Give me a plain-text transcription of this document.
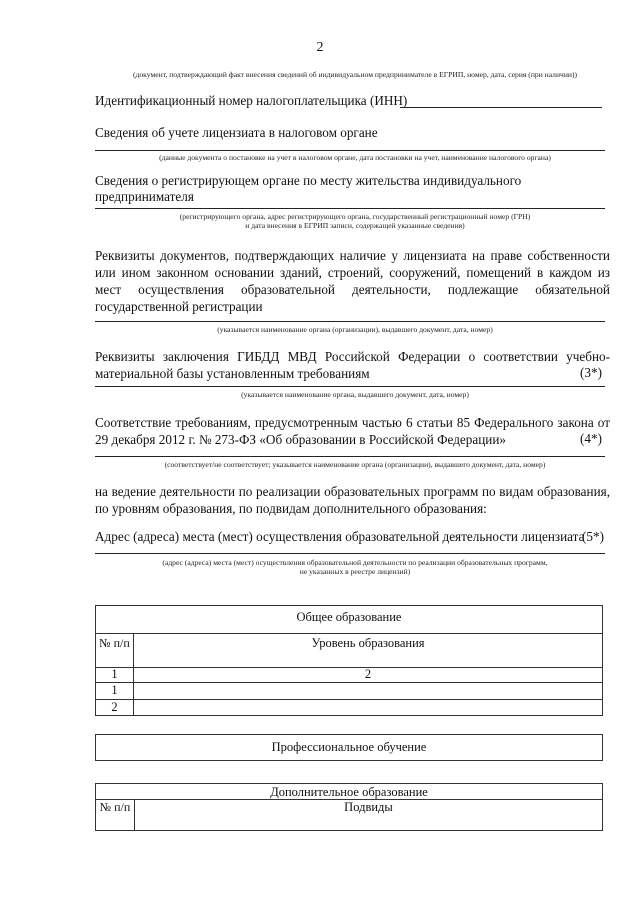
2
(документ, подтверждающий факт внесения сведений об индивидуальном предпринимателе в ЕГРИП, номер, дата, серия (при наличии))
Идентификационный номер налогоплательщика (ИНН)
Сведения об учете лицензиата в налоговом органе
(данные документа о постановке на учет в налоговом органе, дата постановки на учет, наименование налогового органа)
Сведения о регистрирующем органе по месту жительства индивидуального
предпринимателя
(регистрирующего органа, адрес регистрирующего органа, государственный регистрационный номер (ГРН)
и дата внесения в ЕГРИП записи, содержащей указанные сведения)
Реквизиты документов, подтверждающих наличие у лицензиата на праве собственности или ином законном основании зданий, строений, сооружений, помещений в каждом из мест осуществления образовательной деятельности, подлежащие обязательной государственной регистрации
(указывается наименование органа (организации), выдавшего документ, дата, номер)
Реквизиты заключения ГИБДД МВД Российской Федерации о соответствии учебно-материальной базы установленным требованиям	(3*)
(указывается наименование органа, выдавшего документ, дата, номер)
Соответствие требованиям, предусмотренным частью 6 статьи 85 Федерального закона от 29 декабря 2012 г. № 273-ФЗ «Об образовании в Российской Федерации»	(4*)
(соответствует/не соответствует; указывается наименование органа (организации), выдавшего документ, дата, номер)
на ведение деятельности по реализации образовательных программ по видам образования, по уровням образования, по подвидам дополнительного образования:
Адрес (адреса) места (мест) осуществления образовательной деятельности лицензиата
(5*)
(адрес (адреса) места (мест) осуществления образовательной деятельности по реализации образовательных программ,
не указанных в реестре лицензий)
Общее образование
№ п/п	Уровень образования
1	2
1
2
Профессиональное обучение
Дополнительное образование
№ п/п	Подвиды
